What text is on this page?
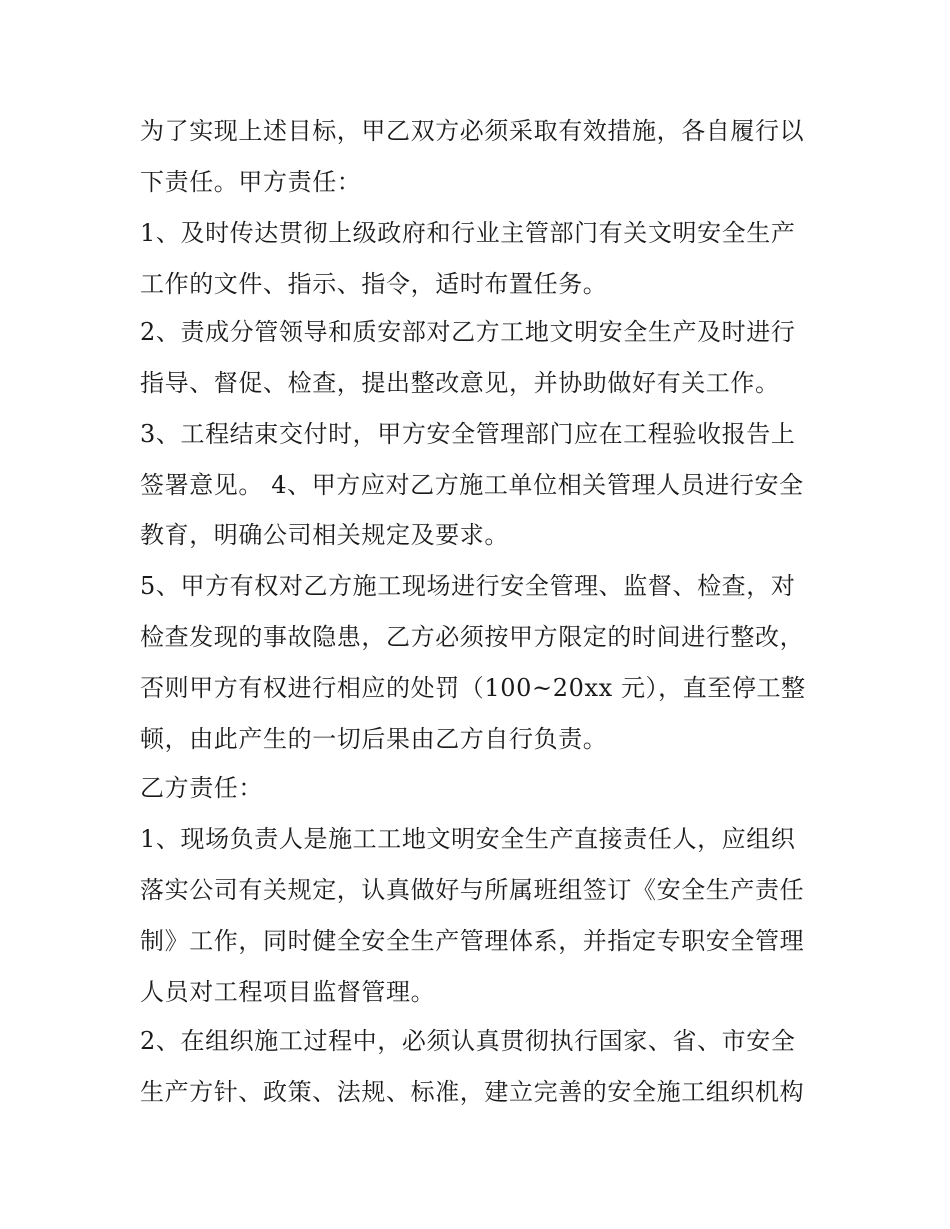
为了实现上述目标，甲乙双方必须采取有效措施，各自履行以
下责任。甲方责任：
1、及时传达贯彻上级政府和行业主管部门有关文明安全生产
工作的文件、指示、指令，适时布置任务。
2、责成分管领导和质安部对乙方工地文明安全生产及时进行
指导、督促、检查，提出整改意见，并协助做好有关工作。
3、工程结束交付时，甲方安全管理部门应在工程验收报告上
签署意见。 4、甲方应对乙方施工单位相关管理人员进行安全
教育，明确公司相关规定及要求。
5、甲方有权对乙方施工现场进行安全管理、监督、检查，对
检查发现的事故隐患，乙方必须按甲方限定的时间进行整改，
否则甲方有权进行相应的处罚（100~20xx 元），直至停工整
顿，由此产生的一切后果由乙方自行负责。
乙方责任：
1、现场负责人是施工工地文明安全生产直接责任人，应组织
落实公司有关规定，认真做好与所属班组签订《安全生产责任
制》工作，同时健全安全生产管理体系，并指定专职安全管理
人员对工程项目监督管理。
2、在组织施工过程中，必须认真贯彻执行国家、省、市安全
生产方针、政策、法规、标准，建立完善的安全施工组织机构
